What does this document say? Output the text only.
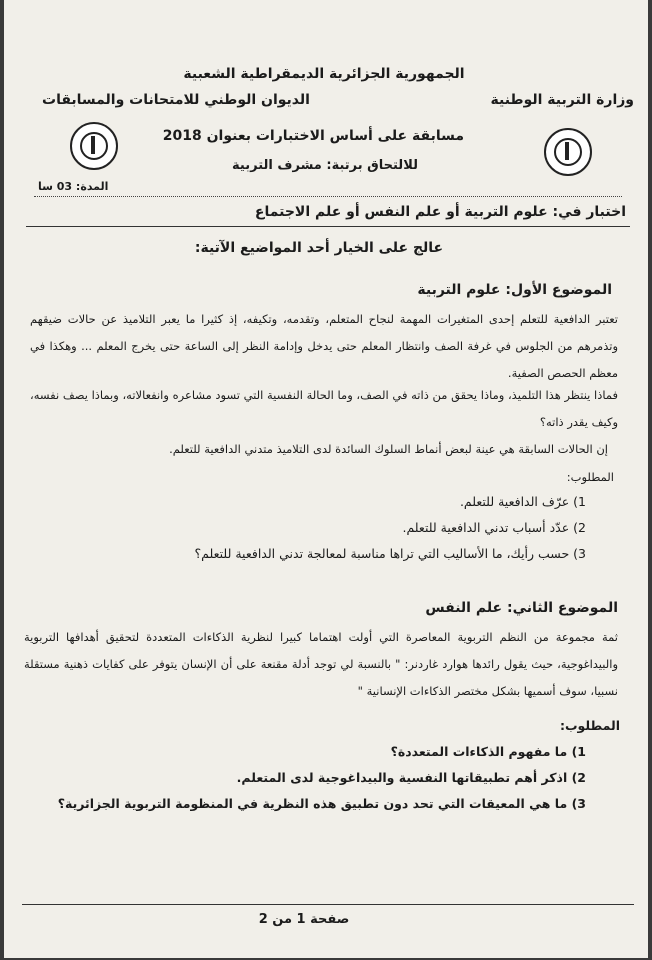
الجمهورية الجزائرية الديمقراطية الشعبية
وزارة التربية الوطنية
الديوان الوطني للامتحانات والمسابقات
مسابقة على أساس الاختبارات بعنوان 2018
للالتحاق برتبة: مشرف التربية
المدة: 03 سا
اختبار في: علوم التربية أو علم النفس أو علم الاجتماع
عالج على الخيار أحد المواضيع الآتية:
الموضوع الأول: علوم التربية

تعتبر الدافعية للتعلم إحدى المتغيرات المهمة لنجاح المتعلم، وتقدمه، وتكيفه، إذ كثيرا ما يعبر التلاميذ عن حالات ضيقهم وتذمرهم من الجلوس في غرفة الصف وانتظار المعلم حتى يدخل وإدامة النظر إلى الساعة حتى يخرج المعلم ... وهكذا في معظم الحصص الصفية.

فماذا ينتظر هذا التلميذ، وماذا يحقق من ذاته في الصف، وما الحالة النفسية التي تسود مشاعره وانفعالاته، وبماذا يصف نفسه، وكيف يقدر ذاته؟

إن الحالات السابقة هي عينة لبعض أنماط السلوك السائدة لدى التلاميذ متدني الدافعية للتعلم.

المطلوب:
1) عرّف الدافعية للتعلم.
2) عدّد أسباب تدني الدافعية للتعلم.
3) حسب رأيك، ما الأساليب التي تراها مناسبة لمعالجة تدني الدافعية للتعلم؟
الموضوع الثاني: علم النفس

ثمة مجموعة من النظم التربوية المعاصرة التي أولت اهتماما كبيرا لنظرية الذكاءات المتعددة لتحقيق أهدافها التربوية والبيداغوجية، حيث يقول رائدها هوارد غاردنر: " بالنسبة لي توجد أدلة مقنعة على أن الإنسان يتوفر على كفايات ذهنية مستقلة نسبيا، سوف أسميها بشكل مختصر الذكاءات الإنسانية "

المطلوب:
1) ما مفهوم الذكاءات المتعددة؟
2) اذكر أهم تطبيقاتها النفسية والبيداغوجية لدى المتعلم.
3) ما هي المعيقات التي تحد دون تطبيق هذه النظرية في المنظومة التربوية الجزائرية؟
صفحة 1 من 2
